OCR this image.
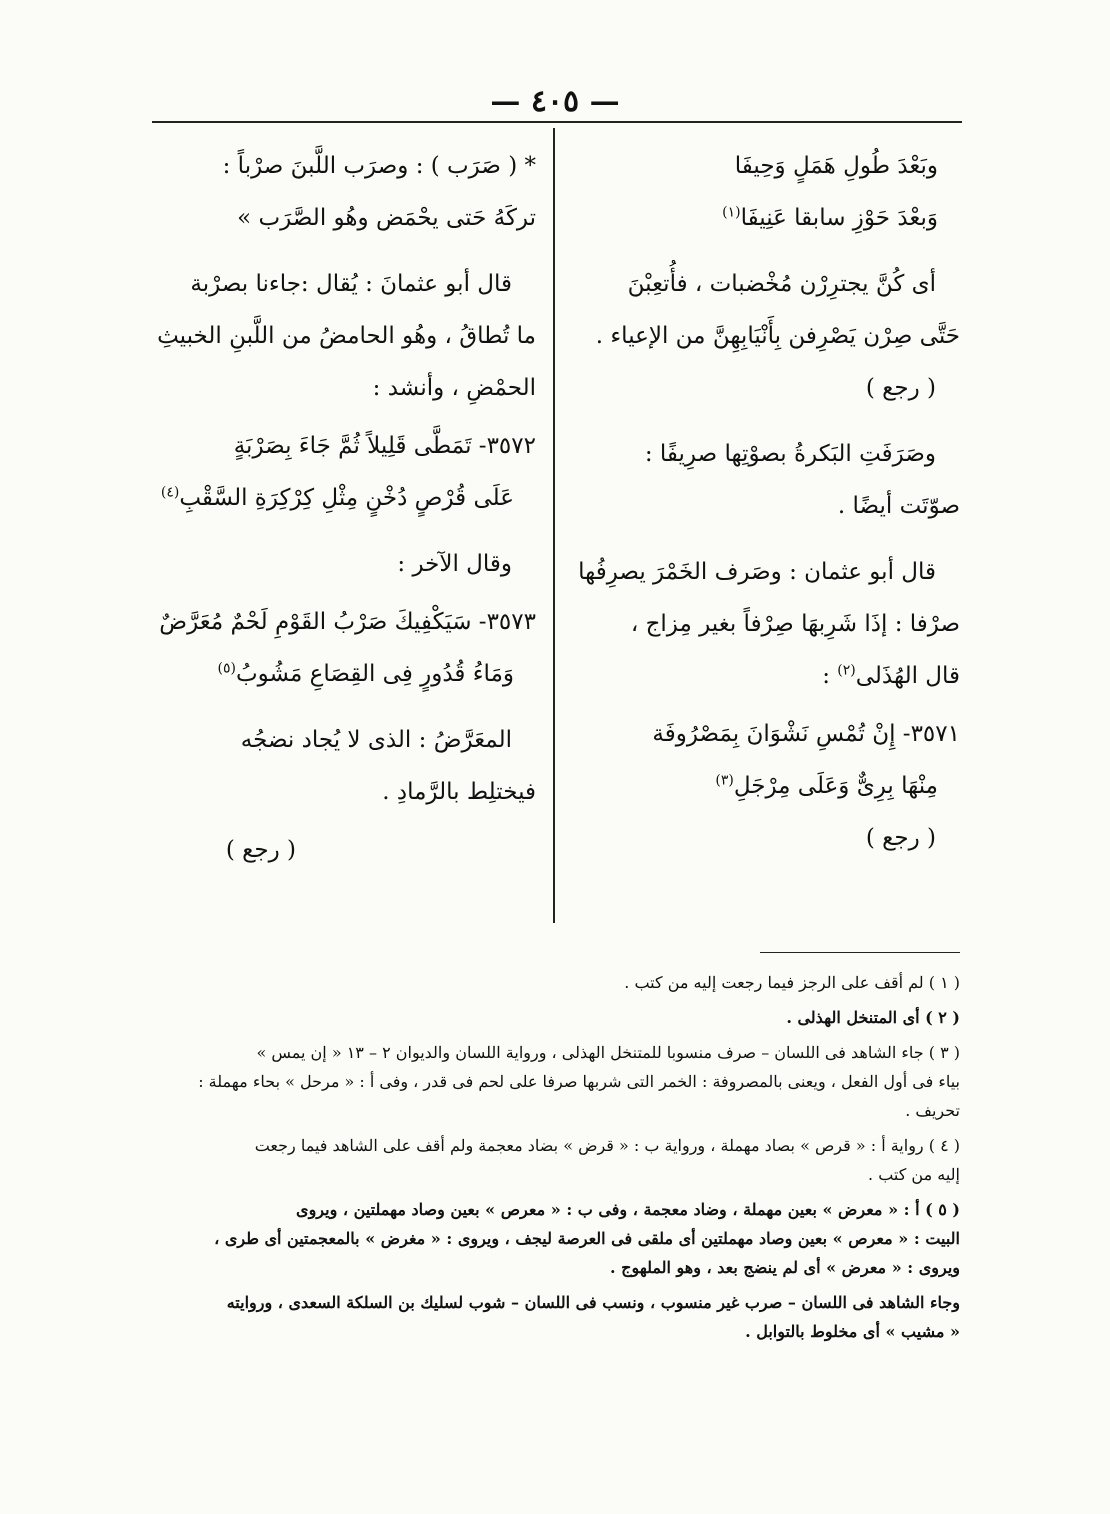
— ٤٠٥ —
وبَعْدَ طُولِ هَمَلٍ وَحِيفَا
وَبعْدَ حَوْزِ سابقا عَنِيفَا$^{(١)}$
أى كُنَّ يجترِرْن مُخْضبات ، فأُتعِبْنَ
حَتَّى صِرْن يَصْرِفن بِأَنْيَابِهِنَّ من الإعياء .
( رجع )
وصَرَفَتِ البَكرةُ بصوْتِها صرِيفًا :
صوّتَت أيضًا .
قال أبو عثمان : وصَرف الخَمْرَ يصرِفُها
صرْفا : إذَا شَرِبهَا صِرْفاً بغير مِزاج ،
قال الهُذَلى$^{(٢)}$ :
٣٥٧١- إِنْ تُمْسِ نَشْوَانَ بِمَصْرُوفَة
مِنْهَا بِرِىٌّ وَعَلَى مِرْجَلِ$^{(٣)}$
( رجع )
* ( صَرَب ) : وصرَب اللَّبنَ صرْباً :
تركَهُ حَتى يحْمَض وهُو الصَّرَب »
قال أبو عثمانَ : يُقال :جاءنا بصرْبة
ما تُطاقُ ، وهُو الحامضُ من اللَّبنِ الخبيثِ
الحمْضِ ، وأنشد :
٣٥٧٢- تَمَطَّى قَلِيلاً ثُمَّ جَاءَ بِصَرْبَةٍ
عَلَى قُرْصٍ دُخْنٍ مِثْلِ كِرْكِرَةِ السَّقْبِ$^{(٤)}$
وقال الآخر :
٣٥٧٣- سَيَكْفِيكَ صَرْبُ القَوْمِ لَحْمٌ مُعَرَّضٌ
وَمَاءُ قُدُورٍ فِى القِصَاعِ مَشُوبُ$^{(٥)}$
المعَرَّضُ : الذى لا يُجاد نضجُه
فيختلِط بالرَّمادِ .
( رجع )
( ١ ) لم أقف على الرجز فيما رجعت إليه من كتب .
( ٢ ) أى المتنخل الهذلى .
( ٣ ) جاء الشاهد فى اللسان – صرف منسوبا للمتنخل الهذلى ، ورواية اللسان والديوان ٢ – ١٣ « إن يمس »
بياء فى أول الفعل ، ويعنى بالمصروفة : الخمر التى شربها صرفا على لحم فى قدر ، وفى أ : « مرحل » بحاء مهملة :
تحريف .
( ٤ ) رواية أ : « قرص » بصاد مهملة ، ورواية ب : « قرض » بضاد معجمة ولم أقف على الشاهد فيما رجعت
إليه من كتب .
( ٥ ) أ : « معرض » بعين مهملة ، وضاد معجمة ، وفى ب : « معرص » بعين وصاد مهملتين ، ويروى
البيت : « معرص » بعين وصاد مهملتين أى ملقى فى العرصة ليجف ، ويروى : « مغرض » بالمعجمتين أى طرى ،
ويروى : « معرض » أى لم ينضج بعد ، وهو الملهوج .
وجاء الشاهد فى اللسان – صرب غير منسوب ، ونسب فى اللسان – شوب لسليك بن السلكة السعدى ، وروايته
« مشيب » أى مخلوط بالتوابل .
